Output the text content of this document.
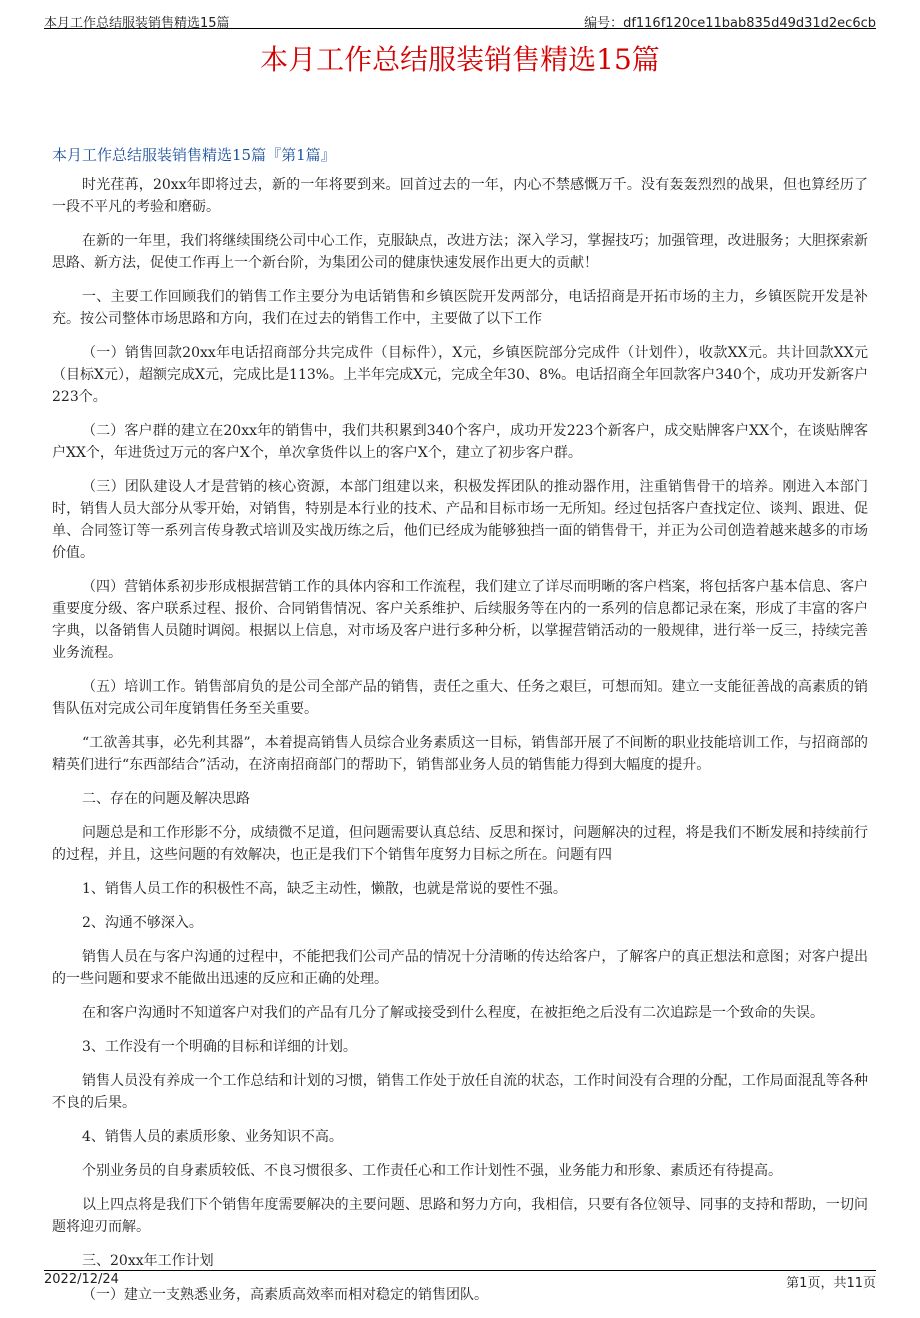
本月工作总结服装销售精选15篇	编号：df116f120ce11bab835d49d31d2ec6cb
本月工作总结服装销售精选15篇
本月工作总结服装销售精选15篇『第1篇』

时光荏苒，20xx年即将过去，新的一年将要到来。回首过去的一年，内心不禁感慨万千。没有轰轰烈烈的战果，但也算经历了一段不平凡的考验和磨砺。

在新的一年里，我们将继续围绕公司中心工作，克服缺点，改进方法；深入学习，掌握技巧；加强管理，改进服务；大胆探索新思路、新方法，促使工作再上一个新台阶，为集团公司的健康快速发展作出更大的贡献！

一、主要工作回顾我们的销售工作主要分为电话销售和乡镇医院开发两部分，电话招商是开拓市场的主力，乡镇医院开发是补充。按公司整体市场思路和方向，我们在过去的销售工作中，主要做了以下工作

（一）销售回款20xx年电话招商部分共完成件（目标件），X元，乡镇医院部分完成件（计划件），收款XX元。共计回款XX元（目标X元），超额完成X元，完成比是113%。上半年完成X元，完成全年30、8%。电话招商全年回款客户340个，成功开发新客户223个。

（二）客户群的建立在20xx年的销售中，我们共积累到340个客户，成功开发223个新客户，成交贴牌客户XX个，在谈贴牌客户XX个，年进货过万元的客户X个，单次拿货件以上的客户X个，建立了初步客户群。

（三）团队建设人才是营销的核心资源，本部门组建以来，积极发挥团队的推动器作用，注重销售骨干的培养。刚进入本部门时，销售人员大部分从零开始，对销售，特别是本行业的技术、产品和目标市场一无所知。经过包括客户查找定位、谈判、跟进、促单、合同签订等一系列言传身教式培训及实战历练之后，他们已经成为能够独挡一面的销售骨干，并正为公司创造着越来越多的市场价值。

（四）营销体系初步形成根据营销工作的具体内容和工作流程，我们建立了详尽而明晰的客户档案，将包括客户基本信息、客户重要度分级、客户联系过程、报价、合同销售情况、客户关系维护、后续服务等在内的一系列的信息都记录在案，形成了丰富的客户字典，以备销售人员随时调阅。根据以上信息，对市场及客户进行多种分析，以掌握营销活动的一般规律，进行举一反三，持续完善业务流程。

（五）培训工作。销售部肩负的是公司全部产品的销售，责任之重大、任务之艰巨，可想而知。建立一支能征善战的高素质的销售队伍对完成公司年度销售任务至关重要。

“工欲善其事，必先利其器”，本着提高销售人员综合业务素质这一目标，销售部开展了不间断的职业技能培训工作，与招商部的精英们进行“东西部结合”活动，在济南招商部门的帮助下，销售部业务人员的销售能力得到大幅度的提升。

二、存在的问题及解决思路

问题总是和工作形影不分，成绩微不足道，但问题需要认真总结、反思和探讨，问题解决的过程，将是我们不断发展和持续前行的过程，并且，这些问题的有效解决，也正是我们下个销售年度努力目标之所在。问题有四

1、销售人员工作的积极性不高，缺乏主动性，懒散，也就是常说的要性不强。

2、沟通不够深入。

销售人员在与客户沟通的过程中，不能把我们公司产品的情况十分清晰的传达给客户，了解客户的真正想法和意图；对客户提出的一些问题和要求不能做出迅速的反应和正确的处理。

在和客户沟通时不知道客户对我们的产品有几分了解或接受到什么程度，在被拒绝之后没有二次追踪是一个致命的失误。

3、工作没有一个明确的目标和详细的计划。

销售人员没有养成一个工作总结和计划的习惯，销售工作处于放任自流的状态，工作时间没有合理的分配，工作局面混乱等各种不良的后果。

4、销售人员的素质形象、业务知识不高。

个别业务员的自身素质较低、不良习惯很多、工作责任心和工作计划性不强，业务能力和形象、素质还有待提高。

以上四点将是我们下个销售年度需要解决的主要问题、思路和努力方向，我相信，只要有各位领导、同事的支持和帮助，一切问题将迎刃而解。

三、20xx年工作计划

（一）建立一支熟悉业务，高素质高效率而相对稳定的销售团队。

2022/12/24	第1页，共11页
